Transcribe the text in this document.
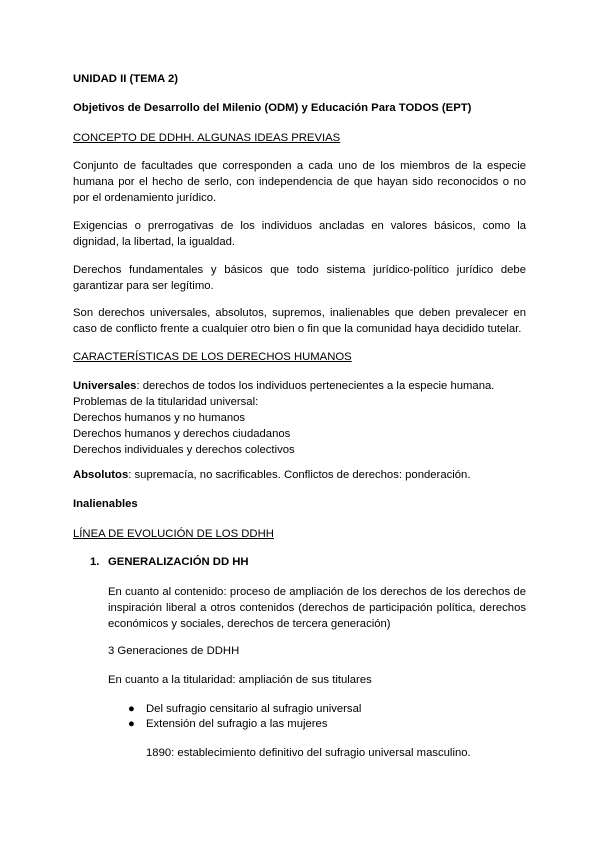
UNIDAD II (TEMA 2)

Objetivos de Desarrollo del Milenio (ODM) y Educación Para TODOS (EPT)

CONCEPTO DE DDHH. ALGUNAS IDEAS PREVIAS

Conjunto de facultades que corresponden a cada uno de los miembros de la especie humana por el hecho de serlo, con independencia de que hayan sido reconocidos o no por el ordenamiento jurídico.

Exigencias o prerrogativas de los individuos ancladas en valores básicos, como la dignidad, la libertad, la igualdad.

Derechos fundamentales y básicos que todo sistema jurídico-político jurídico debe garantizar para ser legítimo.

Son derechos universales, absolutos, supremos, inalienables que deben prevalecer en caso de conflicto frente a cualquier otro bien o fin que la comunidad haya decidido tutelar.

CARACTERÍSTICAS DE LOS DERECHOS HUMANOS

Universales: derechos de todos los individuos pertenecientes a la especie humana.

Problemas de la titularidad universal:
Derechos humanos y no humanos
Derechos humanos y derechos ciudadanos
Derechos individuales y derechos colectivos

Absolutos: supremacía, no sacrificables. Conflictos de derechos: ponderación.

Inalienables

LÍNEA DE EVOLUCIÓN DE LOS DDHH

1. GENERALIZACIÓN DD HH

En cuanto al contenido: proceso de ampliación de los derechos de los derechos de inspiración liberal a otros contenidos (derechos de participación política, derechos económicos y sociales, derechos de tercera generación)

3 Generaciones de DDHH

En cuanto a la titularidad: ampliación de sus titulares

● Del sufragio censitario al sufragio universal
● Extensión del sufragio a las mujeres

1890: establecimiento definitivo del sufragio universal masculino.
